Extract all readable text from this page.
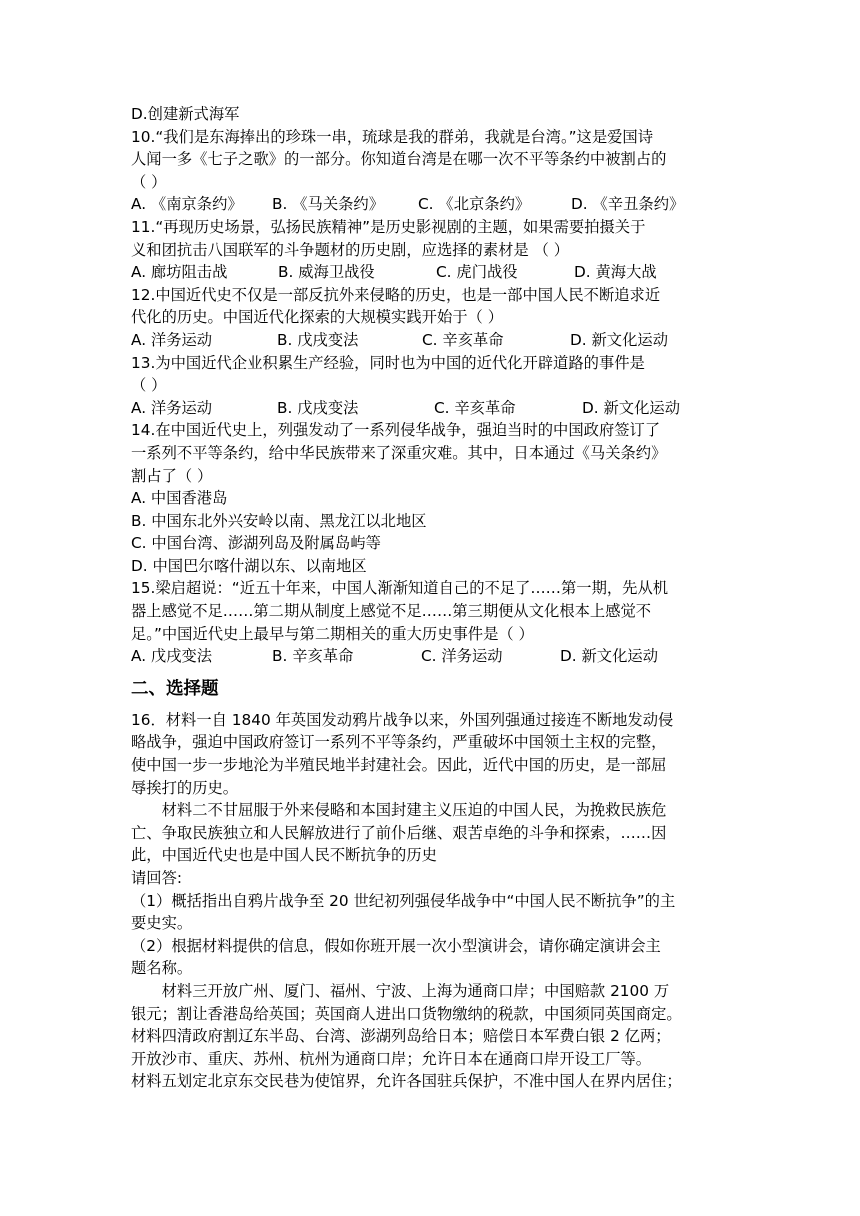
D.创建新式海军
10.“我们是东海捧出的珍珠一串，琉球是我的群弟，我就是台湾。”这是爱国诗
人闻一多《七子之歌》的一部分。你知道台湾是在哪一次不平等条约中被割占的
（ ）
A. 《南京条约》	B. 《马关条约》	C. 《北京条约》	D. 《辛丑条约》
11.“再现历史场景，弘扬民族精神”是历史影视剧的主题，如果需要拍摄关于
义和团抗击八国联军的斗争题材的历史剧，应选择的素材是 （ ）
A. 廊坊阻击战	B. 威海卫战役	C. 虎门战役	D. 黄海大战
12.中国近代史不仅是一部反抗外来侵略的历史，也是一部中国人民不断追求近
代化的历史。中国近代化探索的大规模实践开始于（ ）
A. 洋务运动	B. 戊戌变法	C. 辛亥革命	D. 新文化运动
13.为中国近代企业积累生产经验，同时也为中国的近代化开辟道路的事件是
（ ）
A. 洋务运动	B. 戊戌变法	C. 辛亥革命	D. 新文化运动
14.在中国近代史上，列强发动了一系列侵华战争，强迫当时的中国政府签订了
一系列不平等条约，给中华民族带来了深重灾难。其中，日本通过《马关条约》
割占了（ ）
A. 中国香港岛
B. 中国东北外兴安岭以南、黑龙江以北地区
C. 中国台湾、澎湖列岛及附属岛屿等
D. 中国巴尔喀什湖以东、以南地区
15.梁启超说：“近五十年来，中国人渐渐知道自己的不足了……第一期，先从机
器上感觉不足……第二期从制度上感觉不足……第三期便从文化根本上感觉不
足。”中国近代史上最早与第二期相关的重大历史事件是（ ）
A. 戊戌变法	B. 辛亥革命	C. 洋务运动	D. 新文化运动
二、选择题
16．材料一自 1840 年英国发动鸦片战争以来，外国列强通过接连不断地发动侵
略战争，强迫中国政府签订一系列不平等条约，严重破坏中国领土主权的完整，
使中国一步一步地沦为半殖民地半封建社会。因此，近代中国的历史，是一部屈
辱挨打的历史。
材料二不甘屈服于外来侵略和本国封建主义压迫的中国人民，为挽救民族危
亡、争取民族独立和人民解放进行了前仆后继、艰苦卓绝的斗争和探索，……因
此，中国近代史也是中国人民不断抗争的历史
请回答:
（1）概括指出自鸦片战争至 20 世纪初列强侵华战争中“中国人民不断抗争”的主
要史实。
（2）根据材料提供的信息，假如你班开展一次小型演讲会，请你确定演讲会主
题名称。
材料三开放广州、厦门、福州、宁波、上海为通商口岸；中国赔款 2100 万
银元；割让香港岛给英国；英国商人进出口货物缴纳的税款，中国须同英国商定。
材料四清政府割辽东半岛、台湾、澎湖列岛给日本；赔偿日本军费白银 2 亿两；
开放沙市、重庆、苏州、杭州为通商口岸；允许日本在通商口岸开设工厂等。
材料五划定北京东交民巷为使馆界，允许各国驻兵保护，不准中国人在界内居住；
